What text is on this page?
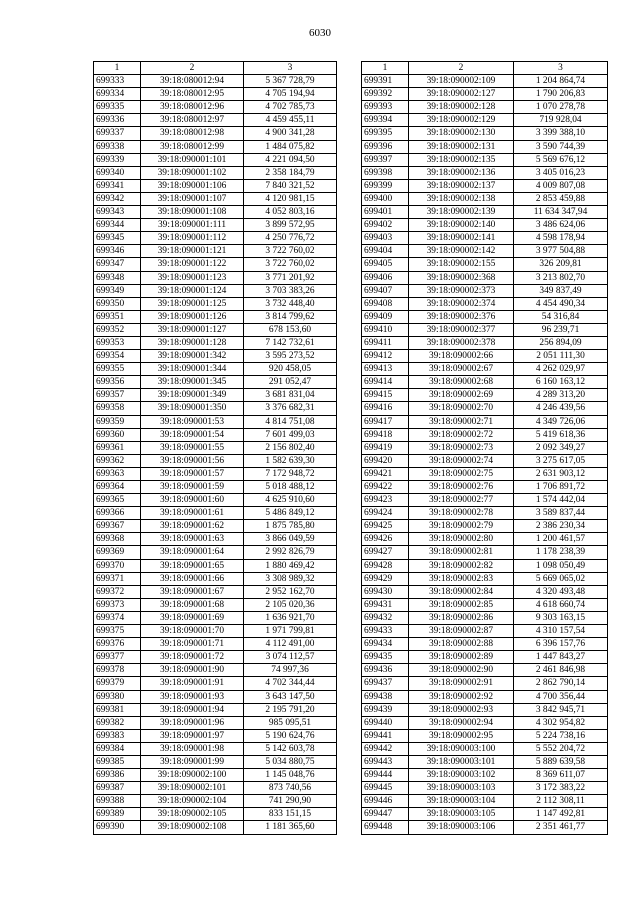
6030
1	2	3
699333	39:18:080012:94	5 367 728,79
699334	39:18:080012:95	4 705 194,94
699335	39:18:080012:96	4 702 785,73
699336	39:18:080012:97	4 459 455,11
699337	39:18:080012:98	4 900 341,28
699338	39:18:080012:99	1 484 075,82
699339	39:18:090001:101	4 221 094,50
699340	39:18:090001:102	2 358 184,79
699341	39:18:090001:106	7 840 321,52
699342	39:18:090001:107	4 120 981,15
699343	39:18:090001:108	4 052 803,16
699344	39:18:090001:111	3 899 572,95
699345	39:18:090001:112	4 250 776,72
699346	39:18:090001:121	3 722 760,02
699347	39:18:090001:122	3 722 760,02
699348	39:18:090001:123	3 771 201,92
699349	39:18:090001:124	3 703 383,26
699350	39:18:090001:125	3 732 448,40
699351	39:18:090001:126	3 814 799,62
699352	39:18:090001:127	678 153,60
699353	39:18:090001:128	7 142 732,61
699354	39:18:090001:342	3 595 273,52
699355	39:18:090001:344	920 458,05
699356	39:18:090001:345	291 052,47
699357	39:18:090001:349	3 681 831,04
699358	39:18:090001:350	3 376 682,31
699359	39:18:090001:53	4 814 751,08
699360	39:18:090001:54	7 601 499,03
699361	39:18:090001:55	2 156 802,40
699362	39:18:090001:56	1 582 639,30
699363	39:18:090001:57	7 172 948,72
699364	39:18:090001:59	5 018 488,12
699365	39:18:090001:60	4 625 910,60
699366	39:18:090001:61	5 486 849,12
699367	39:18:090001:62	1 875 785,80
699368	39:18:090001:63	3 866 049,59
699369	39:18:090001:64	2 992 826,79
699370	39:18:090001:65	1 880 469,42
699371	39:18:090001:66	3 308 989,32
699372	39:18:090001:67	2 952 162,70
699373	39:18:090001:68	2 105 020,36
699374	39:18:090001:69	1 636 921,70
699375	39:18:090001:70	1 971 799,81
699376	39:18:090001:71	4 112 491,00
699377	39:18:090001:72	3 074 112,57
699378	39:18:090001:90	74 997,36
699379	39:18:090001:91	4 702 344,44
699380	39:18:090001:93	3 643 147,50
699381	39:18:090001:94	2 195 791,20
699382	39:18:090001:96	985 095,51
699383	39:18:090001:97	5 190 624,76
699384	39:18:090001:98	5 142 603,78
699385	39:18:090001:99	5 034 880,75
699386	39:18:090002:100	1 145 048,76
699387	39:18:090002:101	873 740,56
699388	39:18:090002:104	741 290,90
699389	39:18:090002:105	833 151,15
699390	39:18:090002:108	1 181 365,60
1	2	3
699391	39:18:090002:109	1 204 864,74
699392	39:18:090002:127	1 790 206,83
699393	39:18:090002:128	1 070 278,78
699394	39:18:090002:129	719 928,04
699395	39:18:090002:130	3 399 388,10
699396	39:18:090002:131	3 590 744,39
699397	39:18:090002:135	5 569 676,12
699398	39:18:090002:136	3 405 016,23
699399	39:18:090002:137	4 009 807,08
699400	39:18:090002:138	2 853 459,88
699401	39:18:090002:139	11 634 347,94
699402	39:18:090002:140	3 486 624,06
699403	39:18:090002:141	4 598 178,94
699404	39:18:090002:142	3 977 504,88
699405	39:18:090002:155	326 209,81
699406	39:18:090002:368	3 213 802,70
699407	39:18:090002:373	349 837,49
699408	39:18:090002:374	4 454 490,34
699409	39:18:090002:376	54 316,84
699410	39:18:090002:377	96 239,71
699411	39:18:090002:378	256 894,09
699412	39:18:090002:66	2 051 111,30
699413	39:18:090002:67	4 262 029,97
699414	39:18:090002:68	6 160 163,12
699415	39:18:090002:69	4 289 313,20
699416	39:18:090002:70	4 246 439,56
699417	39:18:090002:71	4 349 726,06
699418	39:18:090002:72	5 419 618,36
699419	39:18:090002:73	2 092 349,27
699420	39:18:090002:74	3 275 617,05
699421	39:18:090002:75	2 631 903,12
699422	39:18:090002:76	1 706 891,72
699423	39:18:090002:77	1 574 442,04
699424	39:18:090002:78	3 589 837,44
699425	39:18:090002:79	2 386 230,34
699426	39:18:090002:80	1 200 461,57
699427	39:18:090002:81	1 178 238,39
699428	39:18:090002:82	1 098 050,49
699429	39:18:090002:83	5 669 065,02
699430	39:18:090002:84	4 320 493,48
699431	39:18:090002:85	4 618 660,74
699432	39:18:090002:86	9 303 163,15
699433	39:18:090002:87	4 310 157,54
699434	39:18:090002:88	6 396 157,76
699435	39:18:090002:89	1 447 843,27
699436	39:18:090002:90	2 461 846,98
699437	39:18:090002:91	2 862 790,14
699438	39:18:090002:92	4 700 356,44
699439	39:18:090002:93	3 842 945,71
699440	39:18:090002:94	4 302 954,82
699441	39:18:090002:95	5 224 738,16
699442	39:18:090003:100	5 552 204,72
699443	39:18:090003:101	5 889 639,58
699444	39:18:090003:102	8 369 611,07
699445	39:18:090003:103	3 172 383,22
699446	39:18:090003:104	2 112 308,11
699447	39:18:090003:105	1 147 492,81
699448	39:18:090003:106	2 351 461,77
